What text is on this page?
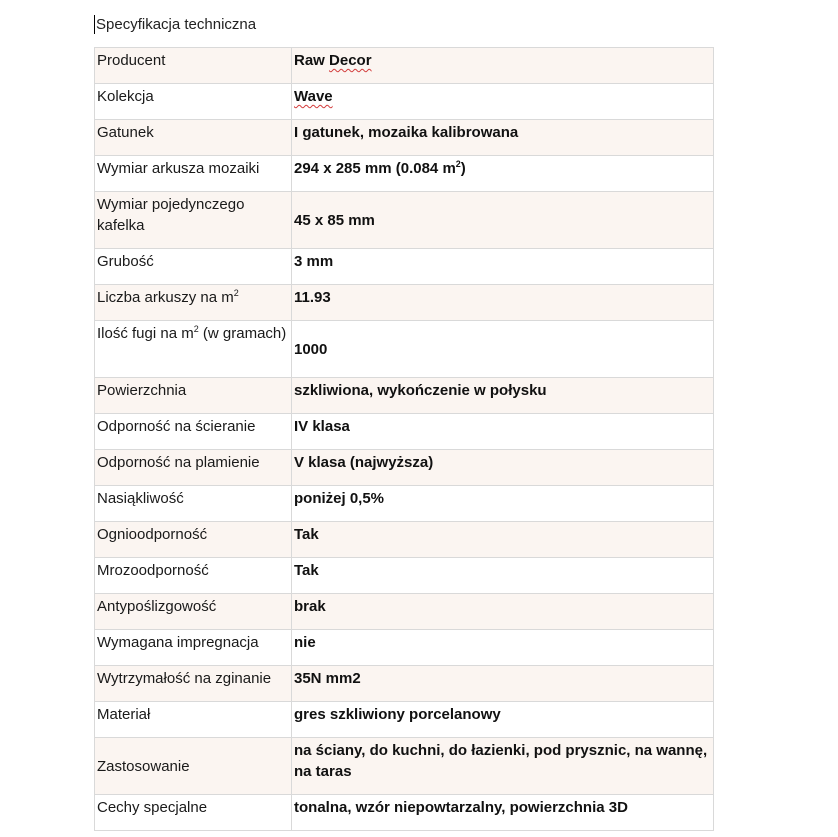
Specyfikacja techniczna
Producent	Raw Decor
Kolekcja	Wave
Gatunek	I gatunek, mozaika kalibrowana
Wymiar arkusza mozaiki	294 x 285 mm (0.084 $m^2$)
Wymiar pojedynczego kafelka	45 x 85 mm
Grubość	3 mm
Liczba arkuszy na $m^2$	11.93
Ilość fugi na $m^2$ (w gramach)	1000
Powierzchnia	szkliwiona, wykończenie w połysku
Odporność na ścieranie	IV klasa
Odporność na plamienie	V klasa (najwyższa)
Nasiąkliwość	poniżej 0,5%
Ognioodporność	Tak
Mrozoodporność	Tak
Antypoślizgowość	brak
Wymagana impregnacja	nie
Wytrzymałość na zginanie	35N mm2
Materiał	gres szkliwiony porcelanowy
Zastosowanie	na ściany, do kuchni, do łazienki, pod prysznic, na wannę, na taras
Cechy specjalne	tonalna, wzór niepowtarzalny, powierzchnia 3D
